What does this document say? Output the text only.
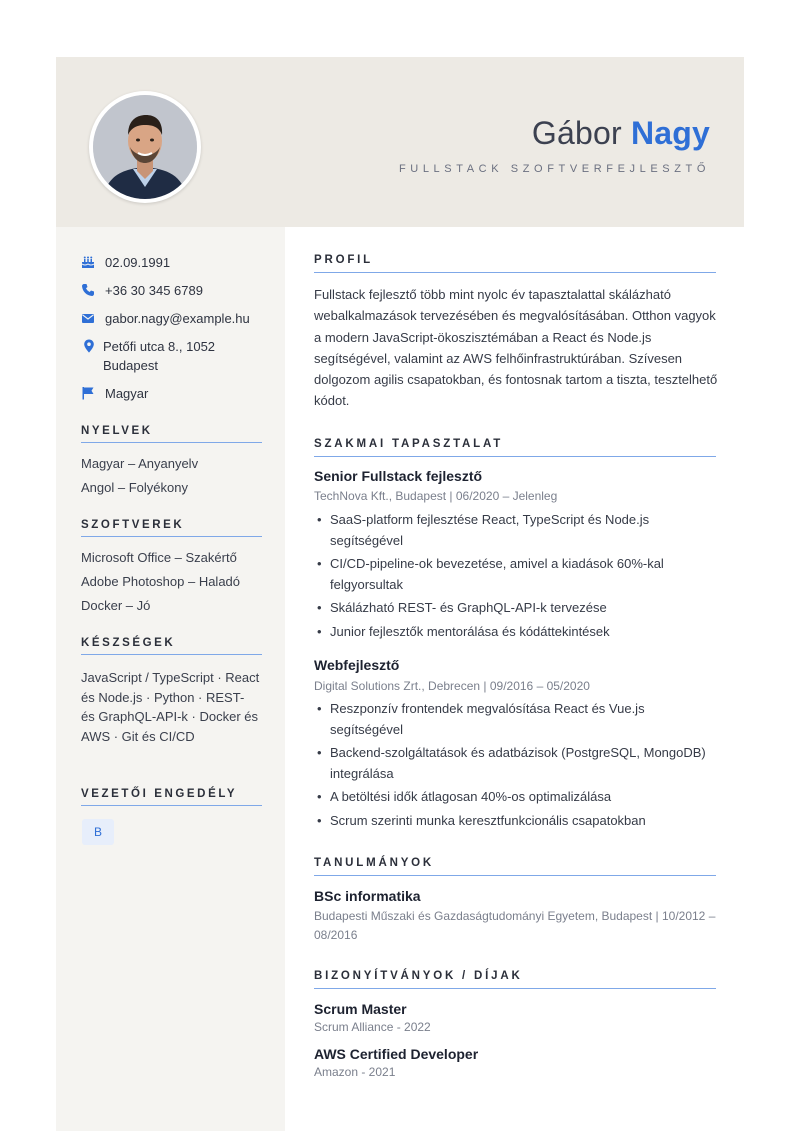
Gábor Nagy
FULLSTACK SZOFTVERFEJLESZTŐ
02.09.1991
+36 30 345 6789
gabor.nagy@example.hu
Petőfi utca 8., 1052
Budapest
Magyar
NYELVEK
Magyar – Anyanyelv
Angol – Folyékony
SZOFTVEREK
Microsoft Office – Szakértő
Adobe Photoshop – Haladó
Docker – Jó
KÉSZSÉGEK
JavaScript / TypeScript · React és Node.js · Python · REST- és GraphQL-API-k · Docker és AWS · Git és CI/CD
VEZETŐI ENGEDÉLY
B
PROFIL
Fullstack fejlesztő több mint nyolc év tapasztalattal skálázható webalkalmazások tervezésében és megvalósításában. Otthon vagyok a modern JavaScript-ökoszisztémában a React és Node.js segítségével, valamint az AWS felhőinfrastruktúrában. Szívesen dolgozom agilis csapatokban, és fontosnak tartom a tiszta, tesztelhető kódot.
SZAKMAI TAPASZTALAT
Senior Fullstack fejlesztő
TechNova Kft., Budapest | 06/2020 – Jelenleg
• SaaS-platform fejlesztése React, TypeScript és Node.js segítségével
• CI/CD-pipeline-ok bevezetése, amivel a kiadások 60%-kal felgyorsultak
• Skálázható REST- és GraphQL-API-k tervezése
• Junior fejlesztők mentorálása és kódáttekintések
Webfejlesztő
Digital Solutions Zrt., Debrecen | 09/2016 – 05/2020
• Reszponzív frontendek megvalósítása React és Vue.js segítségével
• Backend-szolgáltatások és adatbázisok (PostgreSQL, MongoDB) integrálása
• A betöltési idők átlagosan 40%-os optimalizálása
• Scrum szerinti munka keresztfunkcionális csapatokban
TANULMÁNYOK
BSc informatika
Budapesti Műszaki és Gazdaságtudományi Egyetem, Budapest | 10/2012 – 08/2016
BIZONYÍTVÁNYOK / DÍJAK
Scrum Master
Scrum Alliance - 2022
AWS Certified Developer
Amazon - 2021
